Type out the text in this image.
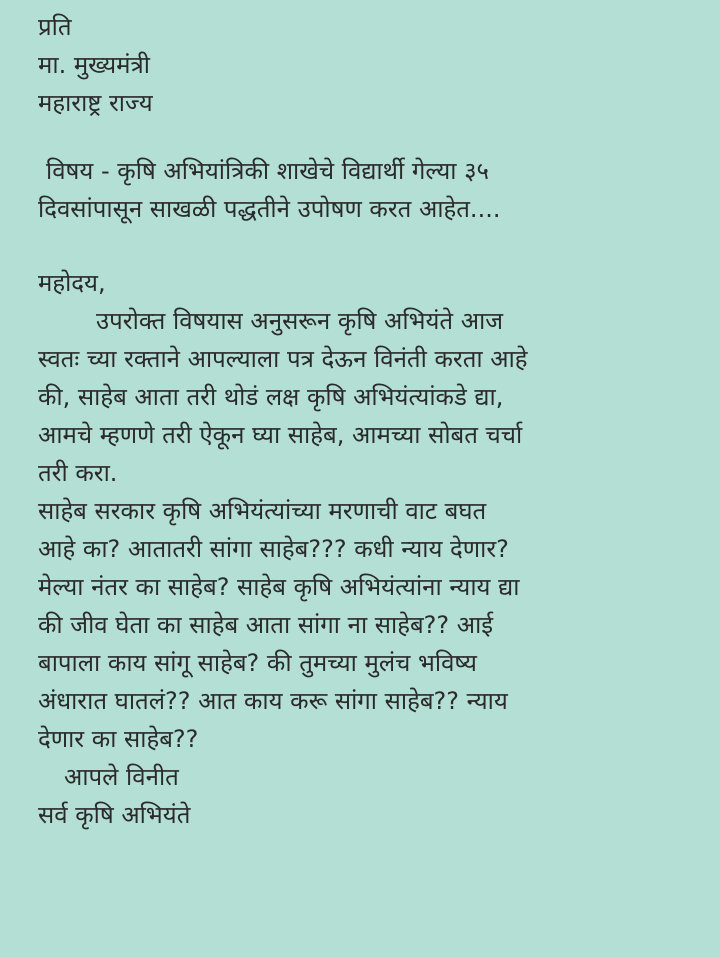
प्रति
मा. मुख्यमंत्री
महाराष्ट्र राज्य
विषय - कृषि अभियांत्रिकी शाखेचे विद्यार्थी गेल्या ३५
दिवसांपासून साखळी पद्धतीने उपोषण करत आहेत....
महोदय,
उपरोक्त विषयास अनुसरून कृषि अभियंते आज
स्वतः च्या रक्ताने आपल्याला पत्र देऊन विनंती करता आहे
की, साहेब आता तरी थोडं लक्ष कृषि अभियंत्यांकडे द्या,
आमचे म्हणणे तरी ऐकून घ्या साहेब, आमच्या सोबत चर्चा
तरी करा.
साहेब सरकार कृषि अभियंत्यांच्या मरणाची वाट बघत
आहे का? आतातरी सांगा साहेब??? कधी न्याय देणार?
मेल्या नंतर का साहेब? साहेब कृषि अभियंत्यांना न्याय द्या
की जीव घेता का साहेब आता सांगा ना साहेब?? आई
बापाला काय सांगू साहेब? की तुमच्या मुलंच भविष्य
अंधारात घातलं?? आत काय करू सांगा साहेब?? न्याय
देणार का साहेब??
आपले विनीत
सर्व कृषि अभियंते
